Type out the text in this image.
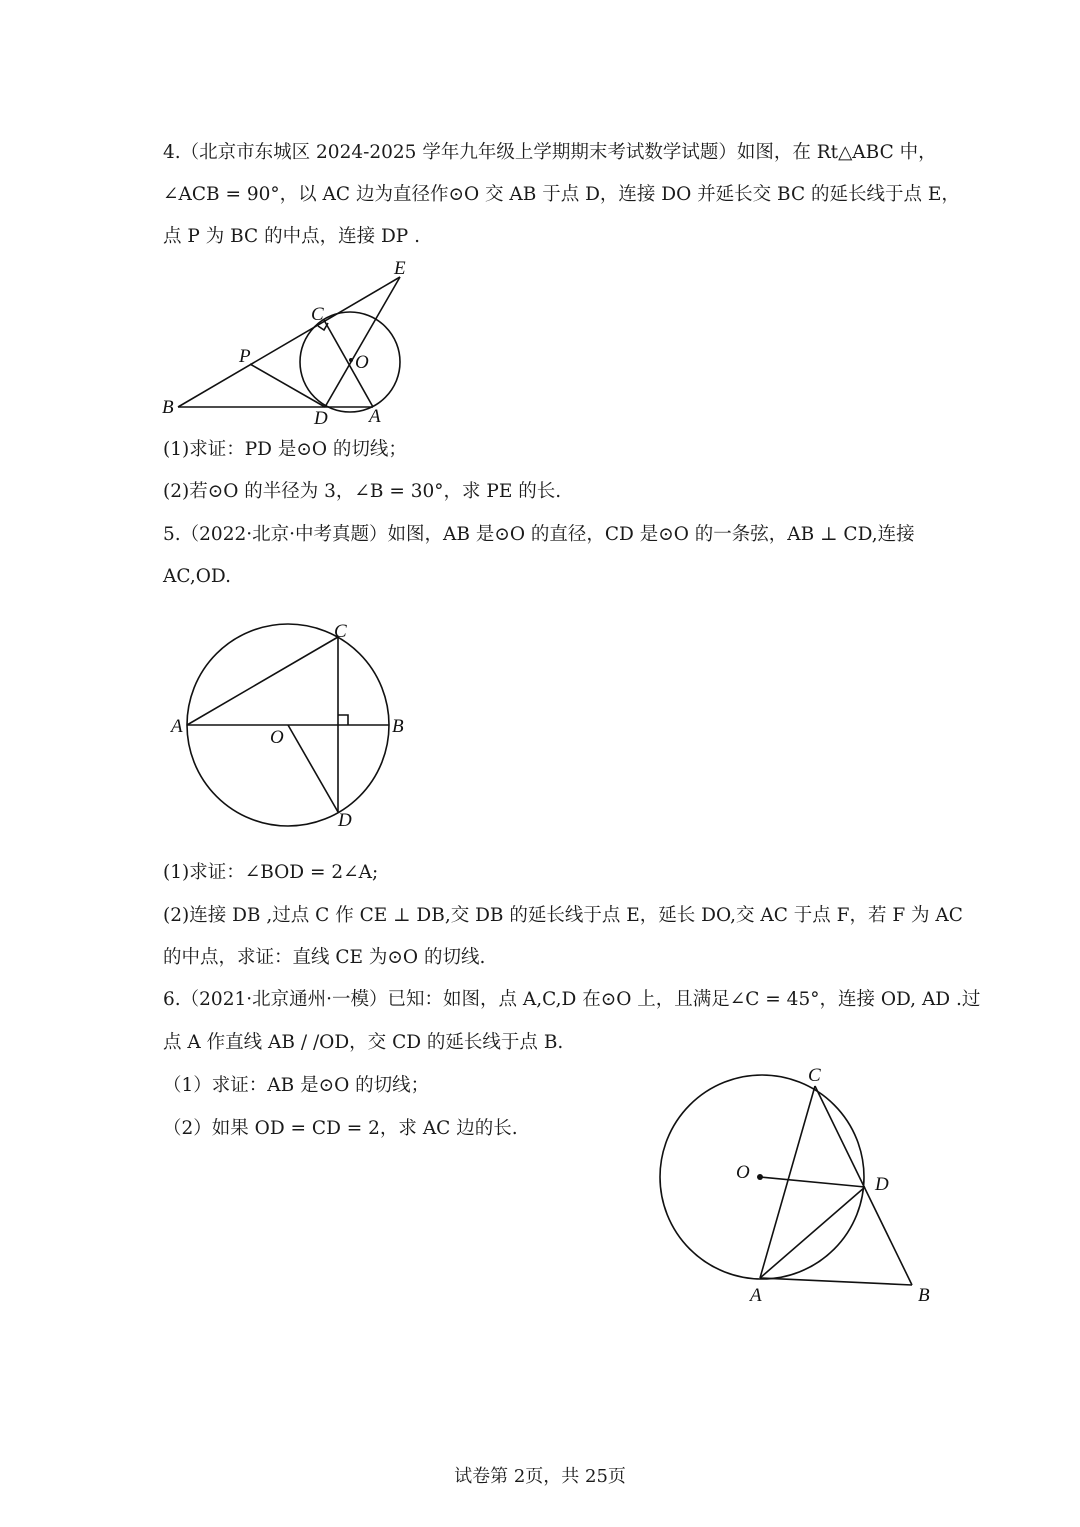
4.（北京市东城区 2024-2025 学年九年级上学期期末考试数学试题）如图，在 Rt△ABC 中，
∠ACB = 90°，以 AC 边为直径作⊙O 交 AB 于点 D，连接 DO 并延长交 BC 的延长线于点 E，
点 P 为 BC 的中点，连接 DP .
E
C
P	O
B
D A
(1)求证：PD 是⊙O 的切线；
(2)若⊙O 的半径为 3，∠B = 30°，求 PE 的长.
5.（2022·北京·中考真题）如图，AB 是⊙O 的直径，CD 是⊙O 的一条弦，AB ⊥ CD,连接
AC,OD.
C
A	B
O
D
(1)求证：∠BOD = 2∠A;
(2)连接 DB ,过点 C 作 CE ⊥ DB,交 DB 的延长线于点 E，延长 DO,交 AC 于点 F，若 F 为 AC
的中点，求证：直线 CE 为⊙O 的切线.
6.（2021·北京通州·一模）已知：如图，点 A,C,D 在⊙O 上，且满足∠C = 45°，连接 OD, AD .过
点 A 作直线 AB / /OD，交 CD 的延长线于点 B.
（1）求证：AB 是⊙O 的切线；
（2）如果 OD = CD = 2，求 AC 边的长.
C
O
D
A	B
试卷第 2页，共 25页
